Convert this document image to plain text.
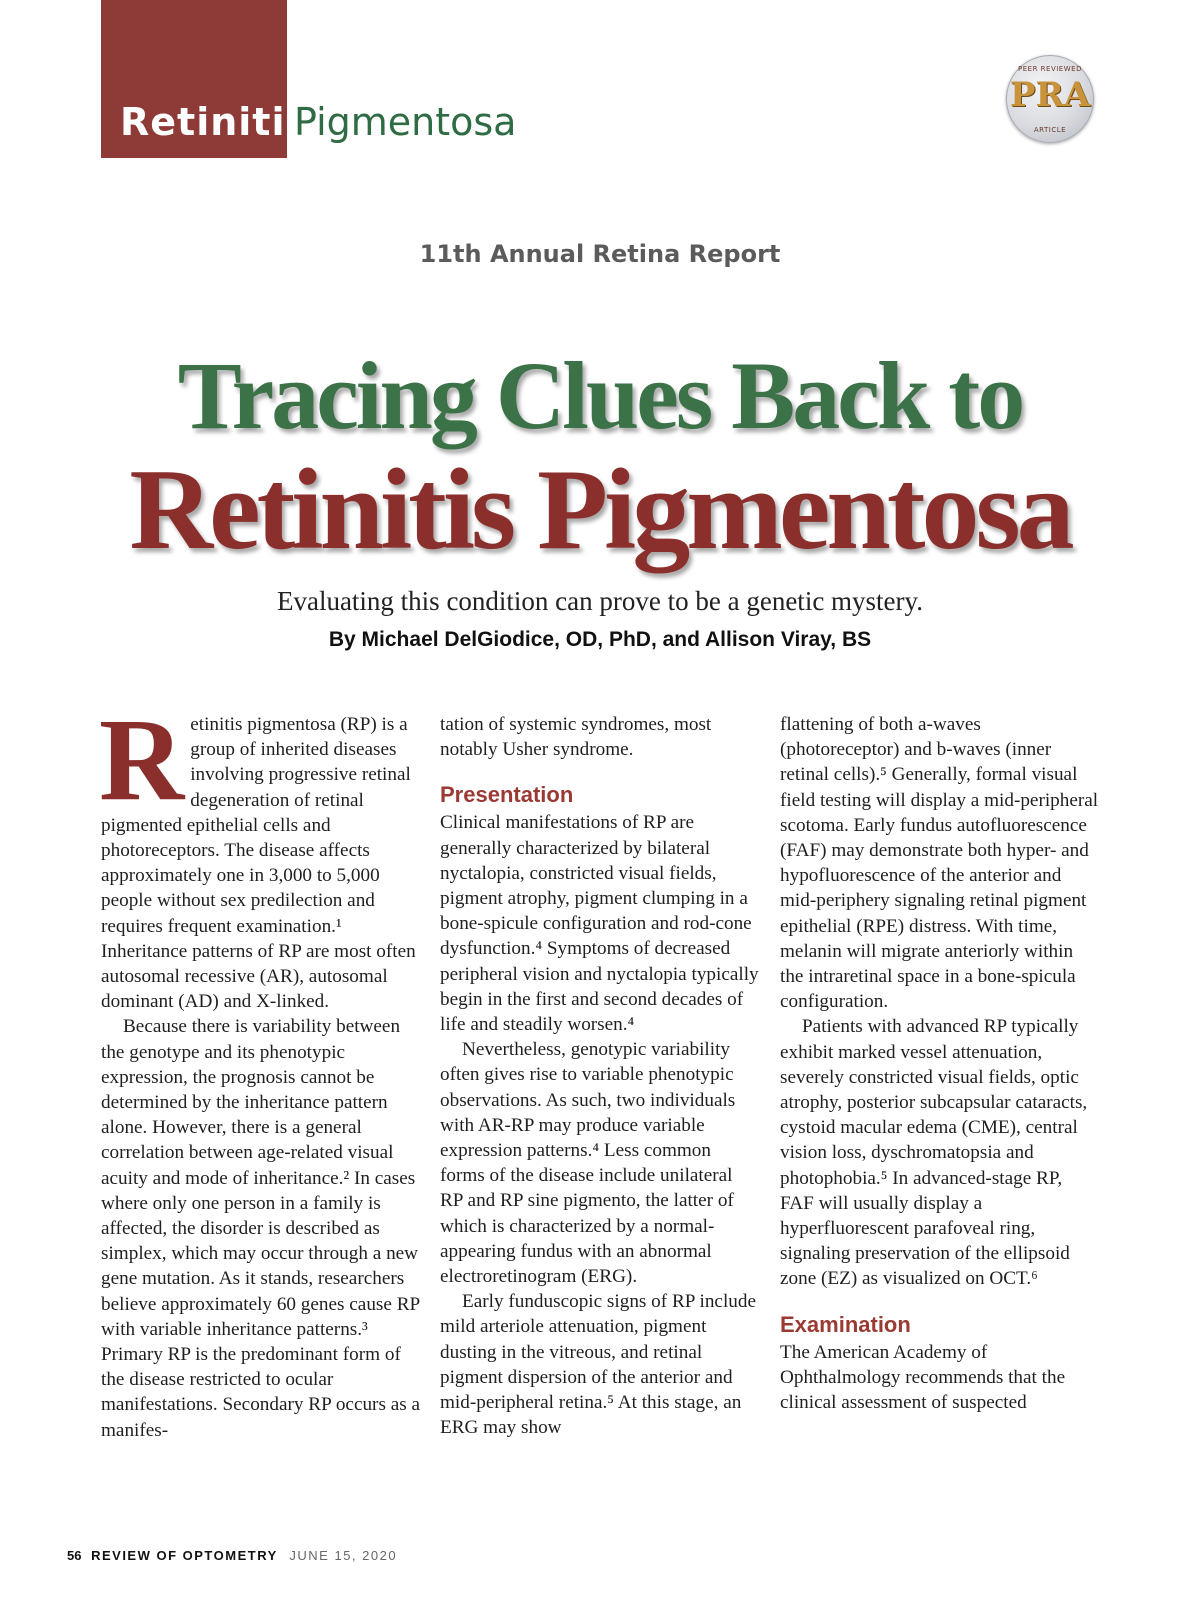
Retinitis
Pigmentosa
PEER REVIEWED
PRA
ARTICLE
11th Annual Retina Report
Tracing Clues Back to
Retinitis Pigmentosa
Evaluating this condition can prove to be a genetic mystery.
By Michael DelGiodice, OD, PhD, and Allison Viray, BS

Retinitis pigmentosa (RP) is a group of inherited diseases involving progressive retinal degeneration of retinal pigmented epithelial cells and photoreceptors. The disease affects approximately one in 3,000 to 5,000 people without sex predilection and requires frequent examination.¹ Inheritance patterns of RP are most often autosomal recessive (AR), autosomal dominant (AD) and X-linked.

Because there is variability between the genotype and its phenotypic expression, the prognosis cannot be determined by the inheritance pattern alone. However, there is a general correlation between age-related visual acuity and mode of inheritance.² In cases where only one person in a family is affected, the disorder is described as simplex, which may occur through a new gene mutation. As it stands, researchers believe approximately 60 genes cause RP with variable inheritance patterns.³ Primary RP is the predominant form of the disease restricted to ocular manifestations. Secondary RP occurs as a manifes-

tation of systemic syndromes, most notably Usher syndrome.

Presentation

Clinical manifestations of RP are generally characterized by bilateral nyctalopia, constricted visual fields, pigment atrophy, pigment clumping in a bone-spicule configuration and rod-cone dysfunction.⁴ Symptoms of decreased peripheral vision and nyctalopia typically begin in the first and second decades of life and steadily worsen.⁴

Nevertheless, genotypic variability often gives rise to variable phenotypic observations. As such, two individuals with AR-RP may produce variable expression patterns.⁴ Less common forms of the disease include unilateral RP and RP sine pigmento, the latter of which is characterized by a normal-appearing fundus with an abnormal electroretinogram (ERG).

Early funduscopic signs of RP include mild arteriole attenuation, pigment dusting in the vitreous, and retinal pigment dispersion of the anterior and mid-peripheral retina.⁵ At this stage, an ERG may show

flattening of both a-waves (photoreceptor) and b-waves (inner retinal cells).⁵ Generally, formal visual field testing will display a mid-peripheral scotoma. Early fundus autofluorescence (FAF) may demonstrate both hyper- and hypofluorescence of the anterior and mid-periphery signaling retinal pigment epithelial (RPE) distress. With time, melanin will migrate anteriorly within the intraretinal space in a bone-spicula configuration.

Patients with advanced RP typically exhibit marked vessel attenuation, severely constricted visual fields, optic atrophy, posterior subcapsular cataracts, cystoid macular edema (CME), central vision loss, dyschromatopsia and photophobia.⁵ In advanced-stage RP, FAF will usually display a hyperfluorescent parafoveal ring, signaling preservation of the ellipsoid zone (EZ) as visualized on OCT.⁶

Examination

The American Academy of Ophthalmology recommends that the clinical assessment of suspected

56 REVIEW OF OPTOMETRY JUNE 15, 2020
